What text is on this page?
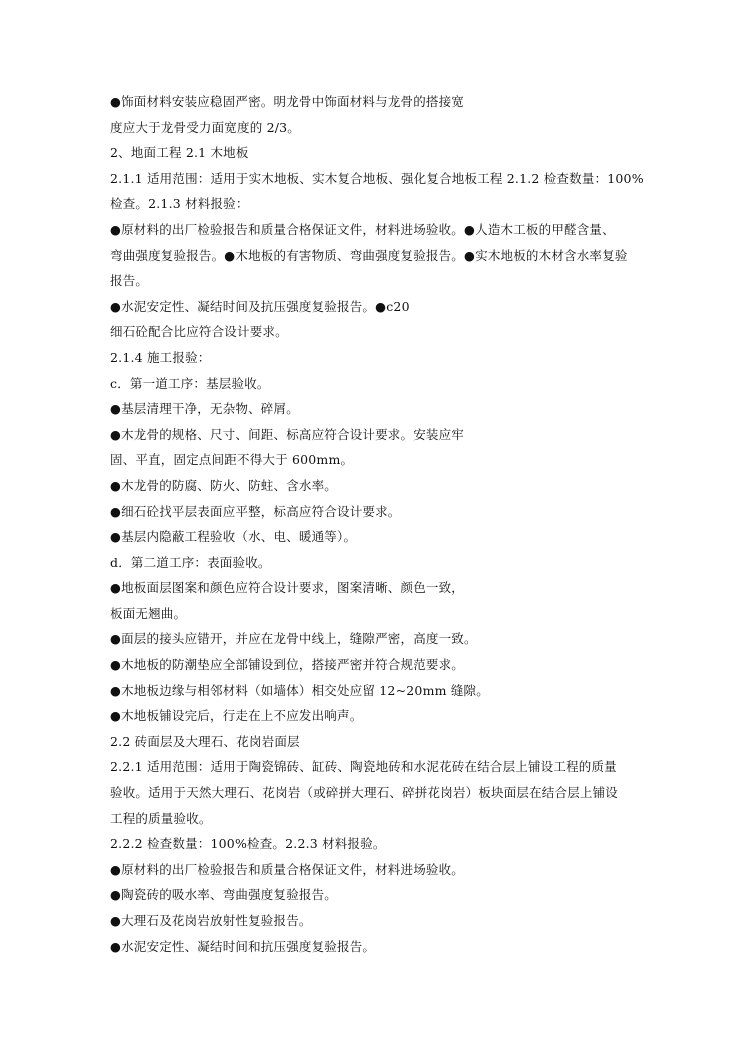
●饰面材料安装应稳固严密。明龙骨中饰面材料与龙骨的搭接宽
度应大于龙骨受力面宽度的 2/3。
2、地面工程 2.1 木地板
2.1.1 适用范围：适用于实木地板、实木复合地板、强化复合地板工程 2.1.2 检查数量：100%
检查。2.1.3 材料报验：
●原材料的出厂检验报告和质量合格保证文件，材料进场验收。●人造木工板的甲醛含量、
弯曲强度复验报告。●木地板的有害物质、弯曲强度复验报告。●实木地板的木材含水率复验
报告。
●水泥安定性、凝结时间及抗压强度复验报告。●c20
细石砼配合比应符合设计要求。
2.1.4 施工报验：
c．第一道工序：基层验收。
●基层清理干净，无杂物、碎屑。
●木龙骨的规格、尺寸、间距、标高应符合设计要求。安装应牢
固、平直，固定点间距不得大于 600mm。
●木龙骨的防腐、防火、防蛀、含水率。
●细石砼找平层表面应平整，标高应符合设计要求。
●基层内隐蔽工程验收（水、电、暖通等）。
d．第二道工序：表面验收。
●地板面层图案和颜色应符合设计要求，图案清晰、颜色一致，
板面无翘曲。
●面层的接头应错开，并应在龙骨中线上，缝隙严密，高度一致。
●木地板的防潮垫应全部铺设到位，搭接严密并符合规范要求。
●木地板边缘与相邻材料（如墙体）相交处应留 12~20mm 缝隙。
●木地板铺设完后，行走在上不应发出响声。
2.2 砖面层及大理石、花岗岩面层
2.2.1 适用范围：适用于陶瓷锦砖、缸砖、陶瓷地砖和水泥花砖在结合层上铺设工程的质量
验收。适用于天然大理石、花岗岩（或碎拼大理石、碎拼花岗岩）板块面层在结合层上铺设
工程的质量验收。
2.2.2 检查数量：100%检查。2.2.3 材料报验。
●原材料的出厂检验报告和质量合格保证文件，材料进场验收。
●陶瓷砖的吸水率、弯曲强度复验报告。
●大理石及花岗岩放射性复验报告。
●水泥安定性、凝结时间和抗压强度复验报告。
